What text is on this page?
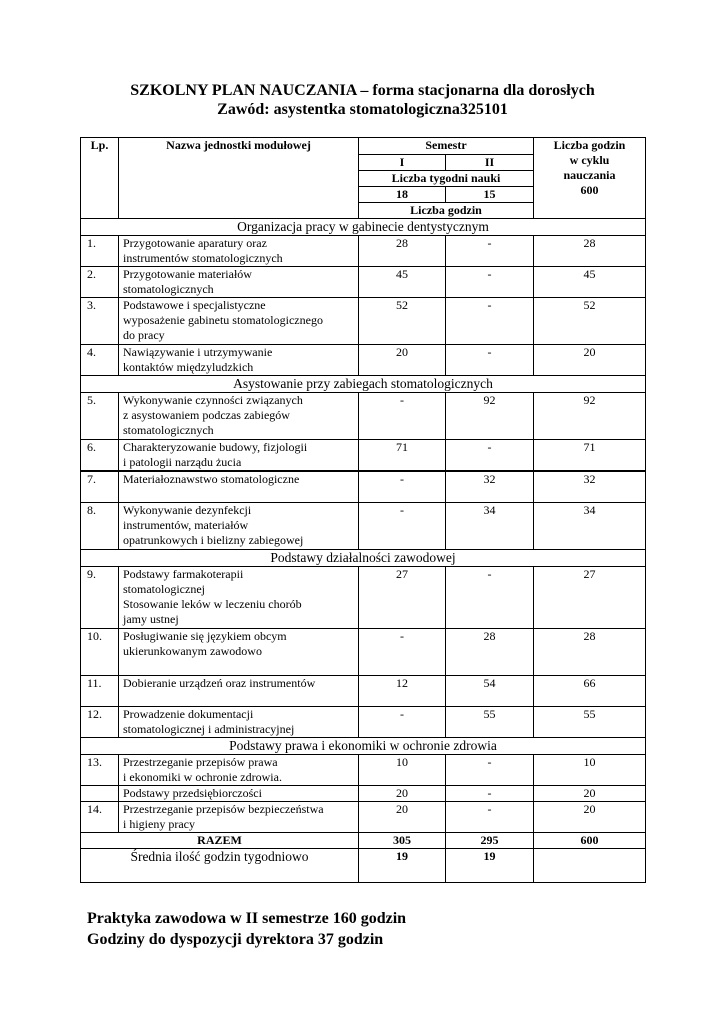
SZKOLNY PLAN NAUCZANIA – forma stacjonarna dla dorosłych
Zawód: asystentka stomatologiczna325101
Lp.	Nazwa jednostki modułowej	Semestr		Liczba godzin
w cyklu
nauczania
600

		I	II	
		Liczba tygodni nauki		
		18	15	
		Liczba godzin		
Organizacja pracy w gabinecie dentystycznym				
1.	Przygotowanie aparatury oraz
instrumentów stomatologicznych	28	-	28
2.	Przygotowanie materiałów
stomatologicznych	45	-	45
3.	Podstawowe i specjalistyczne
wyposażenie gabinetu stomatologicznego
do pracy	52	-	52
4.	Nawiązywanie i utrzymywanie
kontaktów międzyludzkich	20	-	20
Asystowanie przy zabiegach stomatologicznych				
5.	Wykonywanie czynności związanych
z asystowaniem podczas zabiegów
stomatologicznych	-	92	92
6.	Charakteryzowanie budowy, fizjologii
i patologii narządu żucia	71	-	71
7.	Materiałoznawstwo stomatologiczne	-	32	32
8.	Wykonywanie dezynfekcji
instrumentów, materiałów
opatrunkowych i bielizny zabiegowej	-	34	34
Podstawy działalności zawodowej				
9.	Podstawy farmakoterapii
stomatologicznej
Stosowanie leków w leczeniu chorób
jamy ustnej	27	-	27
10.	Posługiwanie się językiem obcym
ukierunkowanym zawodowo	-	28	28
11.	Dobieranie urządzeń oraz instrumentów	12	54	66
12.	Prowadzenie dokumentacji
stomatologicznej i administracyjnej	-	55	55
Podstawy prawa i ekonomiki w ochronie zdrowia				
13.	Przestrzeganie przepisów prawa
i ekonomiki w ochronie zdrowia.	10	-	10

	Podstawy przedsiębiorczości	20	-	20
14.	Przestrzeganie przepisów bezpieczeństwa
i higieny pracy	20	-	20
RAZEM		305	295	600
Średnia ilość godzin tygodniowo		19	19	
Praktyka zawodowa w II semestrze 160 godzin
Godziny do dyspozycji dyrektora 37 godzin
